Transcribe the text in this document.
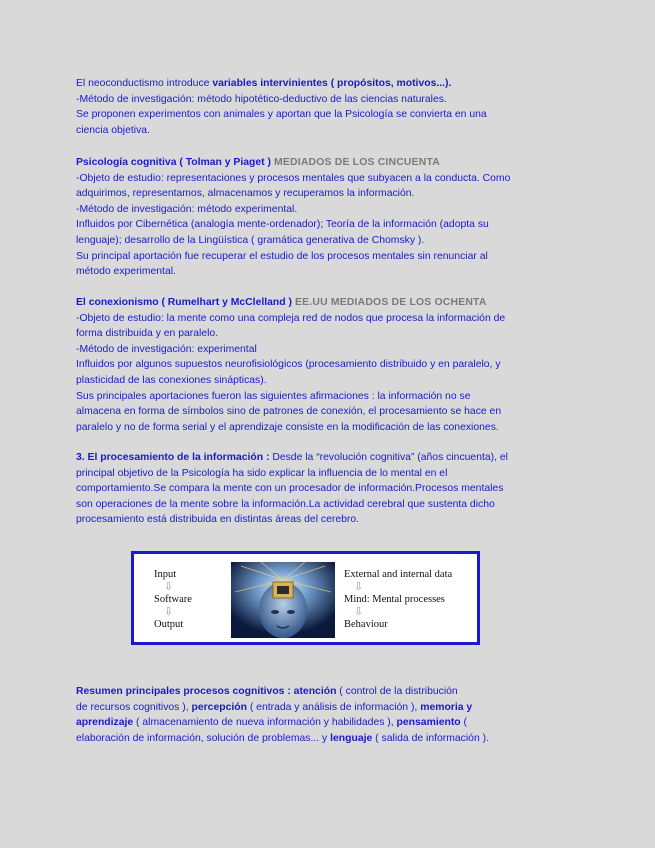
El neoconductismo introduce variables intervinientes ( propósitos, motivos...).
-Método de investigación: método hipotético-deductivo de las ciencias naturales.
Se proponen experimentos con animales y aportan que la Psicología se convierta en una
ciencia objetiva.

Psicología cognitiva ( Tolman y Piaget ) MEDIADOS DE LOS CINCUENTA
-Objeto de estudio: representaciones y procesos mentales que subyacen a la conducta. Como
adquirimos, representamos, almacenamos y recuperamos la información.
-Método de investigación: método experimental.
Influidos por Cibernética (analogía mente-ordenador); Teoría de la información (adopta su
lenguaje); desarrollo de la Lingüística ( gramática generativa de Chomsky ).
Su principal aportación fue recuperar el estudio de los procesos mentales sin renunciar al
método experimental.

El conexionismo ( Rumelhart y McClelland ) EE.UU MEDIADOS DE LOS OCHENTA
-Objeto de estudio: la mente como una compleja red de nodos que procesa la información de
forma distribuida y en paralelo.
-Método de investigación: experimental
Influidos por algunos supuestos neurofisiológicos (procesamiento distribuido y en paralelo, y
plasticidad de las conexiones sinápticas).
Sus principales aportaciones fueron las siguientes afirmaciones : la información no se
almacena en forma de símbolos sino de patrones de conexión, el procesamiento se hace en
paralelo y no de forma serial y el aprendizaje consiste en la modificación de las conexiones.

3. El procesamiento de la información : Desde la “revolución cognitiva” (años cincuenta), el
principal objetivo de la Psicología ha sido explicar la influencia de lo mental en el
comportamiento.Se compara la mente con un procesador de información.Procesos mentales
son operaciones de la mente sobre la información.La actividad cerebral que sustenta dicho
procesamiento está distribuida en distintas áreas del cerebro.

Input
⇩
Software
⇩
Output
External and internal data
⇩
Mind: Mental processes
⇩
Behaviour

Resumen principales procesos cognitivos : atención ( control de la distribución
de recursos cognitivos ), percepción ( entrada y análisis de información ), memoria y
aprendizaje ( almacenamiento de nueva información y habilidades ), pensamiento (
elaboración de información, solución de problemas... y lenguaje ( salida de información ).
